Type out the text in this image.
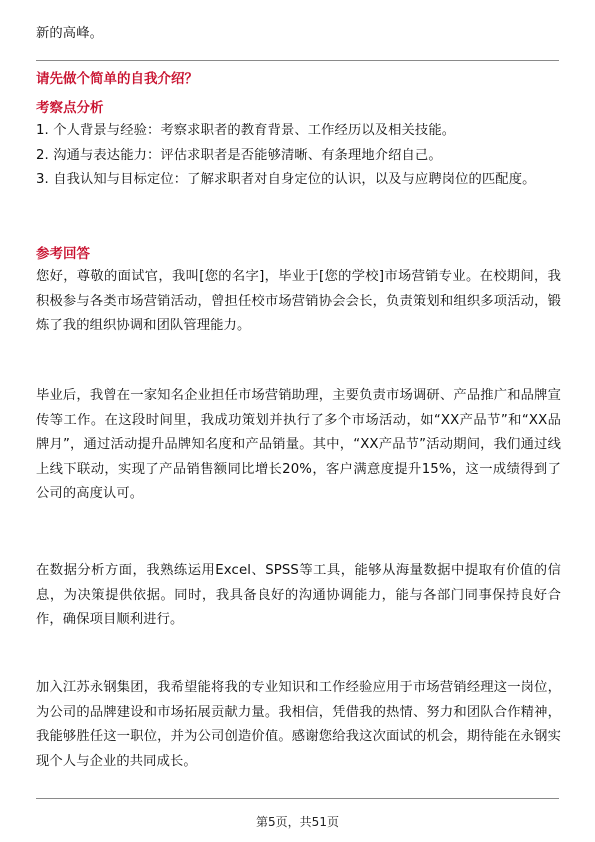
新的高峰。

请先做个简单的自我介绍？

考察点分析

1. 个人背景与经验：考察求职者的教育背景、工作经历以及相关技能。

2. 沟通与表达能力：评估求职者是否能够清晰、有条理地介绍自己。

3. 自我认知与目标定位：了解求职者对自身定位的认识，以及与应聘岗位的匹配度。

参考回答

您好，尊敬的面试官，我叫[您的名字]，毕业于[您的学校]市场营销专业。在校期间，我积极参与各类市场营销活动，曾担任校市场营销协会会长，负责策划和组织多项活动，锻炼了我的组织协调和团队管理能力。

毕业后，我曾在一家知名企业担任市场营销助理，主要负责市场调研、产品推广和品牌宣传等工作。在这段时间里，我成功策划并执行了多个市场活动，如“XX产品节”和“XX品牌月”，通过活动提升品牌知名度和产品销量。其中，“XX产品节”活动期间，我们通过线上线下联动，实现了产品销售额同比增长20%，客户满意度提升15%，这一成绩得到了公司的高度认可。

在数据分析方面，我熟练运用Excel、SPSS等工具，能够从海量数据中提取有价值的信息，为决策提供依据。同时，我具备良好的沟通协调能力，能与各部门同事保持良好合作，确保项目顺利进行。

加入江苏永钢集团，我希望能将我的专业知识和工作经验应用于市场营销经理这一岗位，为公司的品牌建设和市场拓展贡献力量。我相信，凭借我的热情、努力和团队合作精神，我能够胜任这一职位，并为公司创造价值。感谢您给我这次面试的机会，期待能在永钢实现个人与企业的共同成长。

第5页，共51页
